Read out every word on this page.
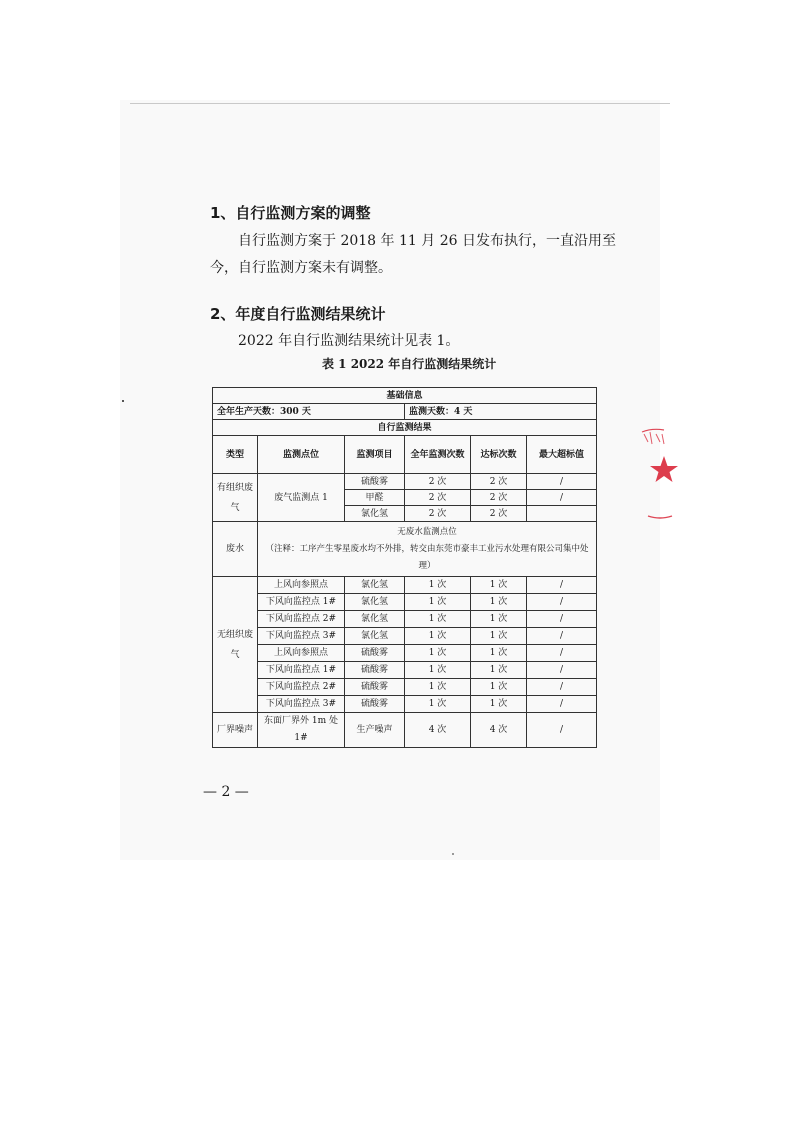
1、自行监测方案的调整
自行监测方案于 2018 年 11 月 26 日发布执行，一直沿用至
今，自行监测方案未有调整。
2、年度自行监测结果统计
2022 年自行监测结果统计见表 1。
表 1 2022 年自行监测结果统计
基础信息					
全年生产天数：300 天			监测天数：4 天		
自行监测结果					
类型	监测点位	监测项目	全年监测次数	达标次数	最大超标值
有组织废气	废气监测点 1	硫酸雾	2 次	2 次	/
		甲醛	2 次	2 次	/
		氯化氢	2 次	2 次	
废水	无废水监测点位
（注释：工序产生零星废水均不外排，转交由东莞市豪丰工业污水处理有限公司集中处理）				

无组织废气	上风向参照点	氯化氢	1 次	1 次	/
	下风向监控点 1#	氯化氢	1 次	1 次	/
	下风向监控点 2#	氯化氢	1 次	1 次	/
	下风向监控点 3#	氯化氢	1 次	1 次	/
	上风向参照点	硫酸雾	1 次	1 次	/
	下风向监控点 1#	硫酸雾	1 次	1 次	/
	下风向监控点 2#	硫酸雾	1 次	1 次	/
	下风向监控点 3#	硫酸雾	1 次	1 次	/
厂界噪声	东面厂界外 1m 处 1#	生产噪声	4 次	4 次	/
— 2 —
